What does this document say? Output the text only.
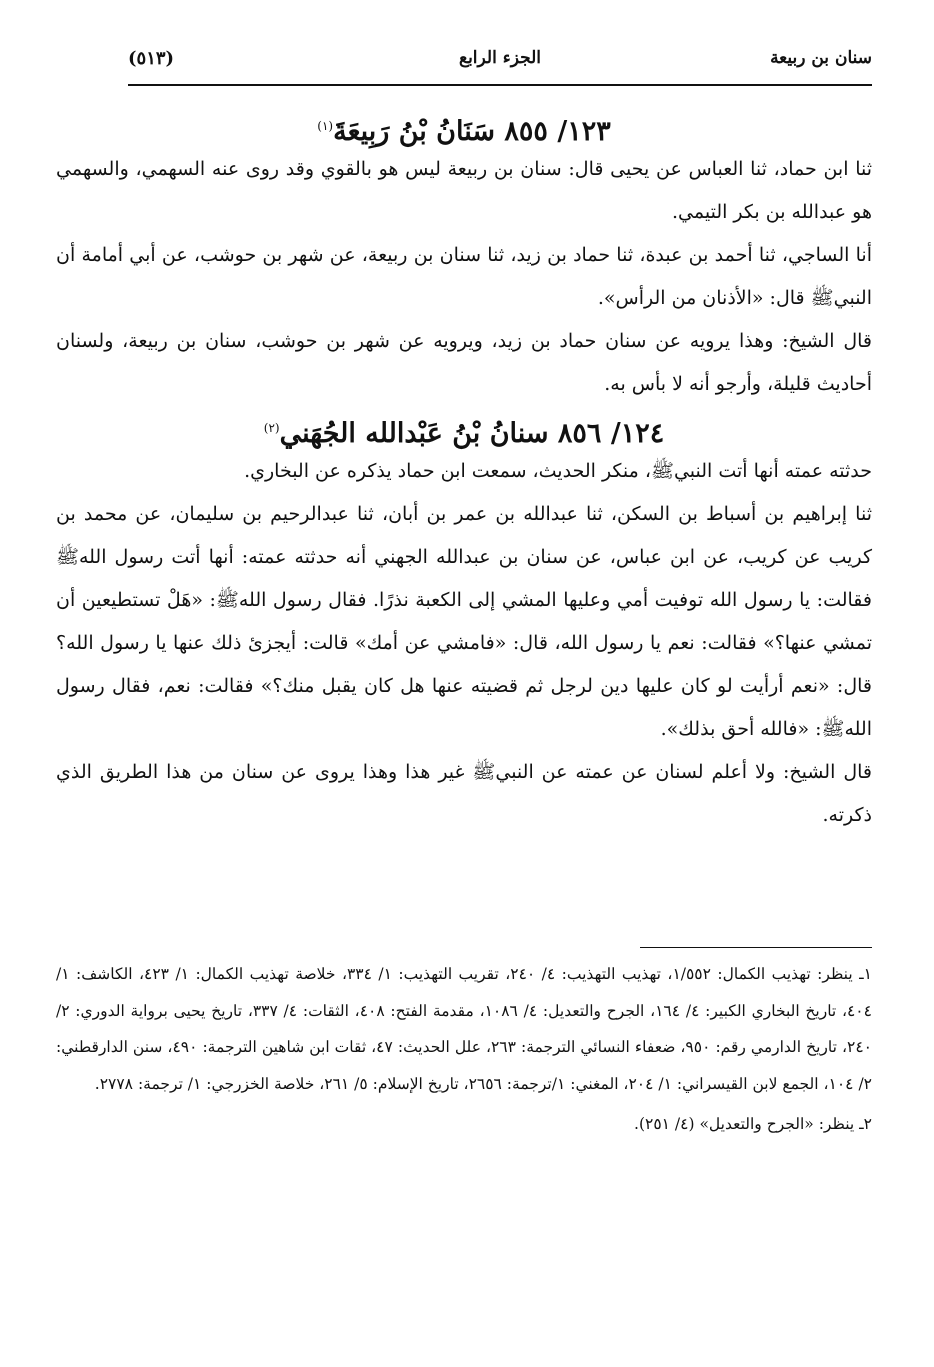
سنان بن ربيعة
الجزء الرابع
(٥١٣)
١٢٣/ ٨٥٥ سَنَانُ بْنُ رَبِيعَةَ$^{(١)}$

ثنا ابن حماد، ثنا العباس عن يحيى قال: سنان بن ربيعة ليس هو بالقوي وقد روى عنه السهمي، والسهمي هو عبدالله بن بكر التيمي.

أنا الساجي، ثنا أحمد بن عبدة، ثنا حماد بن زيد، ثنا سنان بن ربيعة، عن شهر بن حوشب، عن أبي أمامة أن النبيﷺ قال: «الأذنان من الرأس».

قال الشيخ: وهذا يرويه عن سنان حماد بن زيد، ويرويه عن شهر بن حوشب، سنان بن ربيعة، ولسنان أحاديث قليلة، وأرجو أنه لا بأس به.

١٢٤/ ٨٥٦ سنانُ بْنُ عَبْدالله الجُهَني$^{(٢)}$

حدثته عمته أنها أتت النبيﷺ، منكر الحديث، سمعت ابن حماد يذكره عن البخاري.

ثنا إبراهيم بن أسباط بن السكن، ثنا عبدالله بن عمر بن أبان، ثنا عبدالرحيم بن سليمان، عن محمد بن كريب عن كريب، عن ابن عباس، عن سنان بن عبدالله الجهني أنه حدثته عمته: أنها أتت رسول اللهﷺ فقالت: يا رسول الله توفيت أمي وعليها المشي إلى الكعبة نذرًا. فقال رسول اللهﷺ: «هَلْ تستطيعين أن تمشي عنها؟» فقالت: نعم يا رسول الله، قال: «فامشي عن أمك» قالت: أيجزئ ذلك عنها يا رسول الله؟ قال: «نعم أرأيت لو كان عليها دين لرجل ثم قضيته عنها هل كان يقبل منك؟» فقالت: نعم، فقال رسول اللهﷺ: «فالله أحق بذلك».

قال الشيخ: ولا أعلم لسنان عن عمته عن النبيﷺ غير هذا وهذا يروى عن سنان من هذا الطريق الذي ذكرته.

١ـ ينظر: تهذيب الكمال: ١/٥٥٢، تهذيب التهذيب: ٤/ ٢٤٠، تقريب التهذيب: ١/ ٣٣٤، خلاصة تهذيب الكمال: ١/ ٤٢٣، الكاشف: ١/ ٤٠٤، تاريخ البخاري الكبير: ٤/ ١٦٤، الجرح والتعديل: ٤/ ١٠٨٦، مقدمة الفتح: ٤٠٨، الثقات: ٤/ ٣٣٧، تاريخ يحيى برواية الدوري: ٢/ ٢٤٠، تاريخ الدارمي رقم: ٩٥٠، ضعفاء النسائي الترجمة: ٢٦٣، علل الحديث: ٤٧، ثقات ابن شاهين الترجمة: ٤٩٠، سنن الدارقطني: ٢/ ١٠٤، الجمع لابن القيسراني: ١/ ٢٠٤، المغني: ١/ترجمة: ٢٦٥٦، تاريخ الإسلام: ٥/ ٢٦١، خلاصة الخزرجي: ١/ ترجمة: ٢٧٧٨.

٢ـ ينظر: «الجرح والتعديل» (٤/ ٢٥١).
